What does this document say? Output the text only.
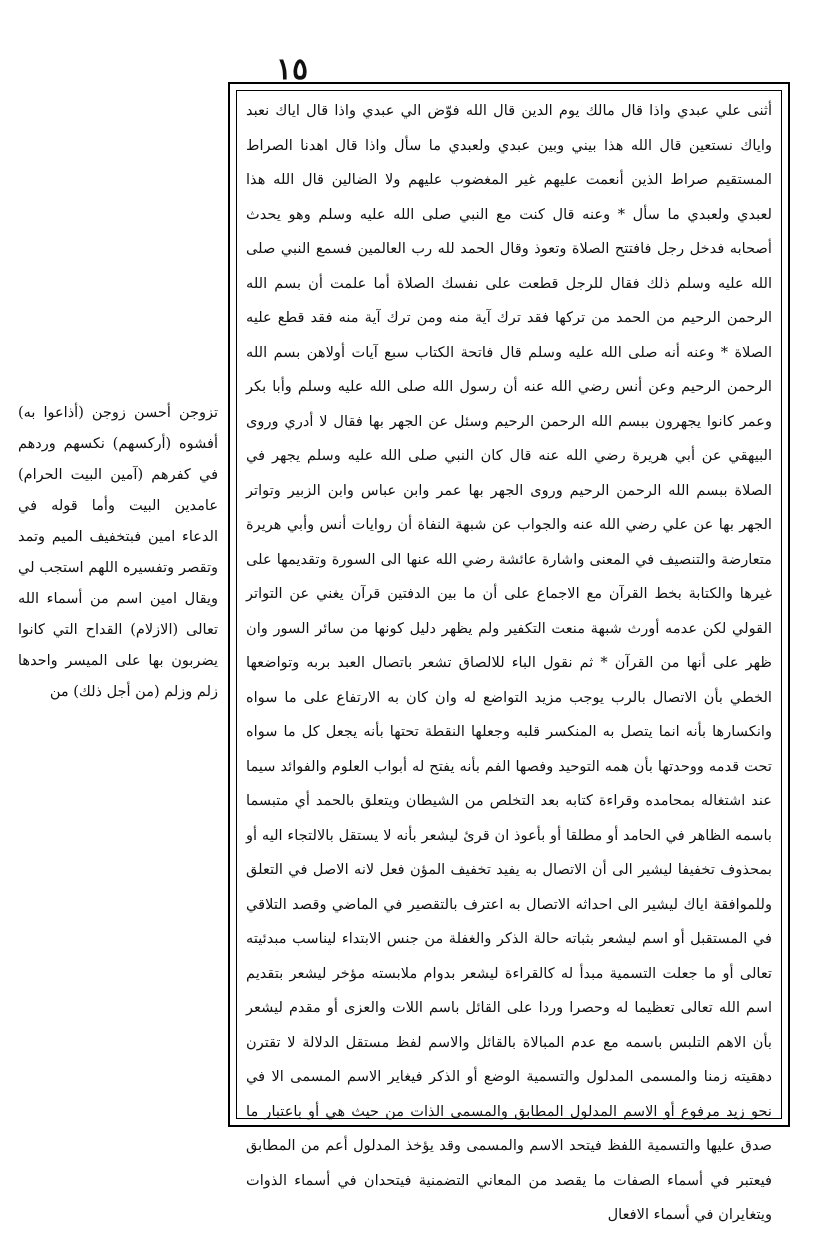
١٥

أثنى علي عبدي واذا قال مالك يوم الدين قال الله فوّض الي عبدي واذا قال اياك نعبد واياك نستعين قال الله هذا بيني وبين عبدي ولعبدي ما سأل واذا قال اهدنا الصراط المستقيم صراط الذين أنعمت عليهم غير المغضوب عليهم ولا الضالين قال الله هذا لعبدي ولعبدي ما سأل * وعنه قال كنت مع النبي صلى الله عليه وسلم وهو يحدث أصحابه فدخل رجل فافتتح الصلاة وتعوذ وقال الحمد لله رب العالمين فسمع النبي صلى الله عليه وسلم ذلك فقال للرجل قطعت على نفسك الصلاة أما علمت أن بسم الله الرحمن الرحيم من الحمد من تركها فقد ترك آية منه ومن ترك آية منه فقد قطع عليه الصلاة * وعنه أنه صلى الله عليه وسلم قال فاتحة الكتاب سبع آيات أولاهن بسم الله الرحمن الرحيم وعن أنس رضي الله عنه أن رسول الله صلى الله عليه وسلم وأبا بكر وعمر كانوا يجهرون ببسم الله الرحمن الرحيم وسئل عن الجهر بها فقال لا أدري وروى البيهقي عن أبي هريرة رضي الله عنه قال كان النبي صلى الله عليه وسلم يجهر في الصلاة ببسم الله الرحمن الرحيم وروى الجهر بها عمر وابن عباس وابن الزبير وتواتر الجهر بها عن علي رضي الله عنه والجواب عن شبهة النفاة أن روايات أنس وأبي هريرة متعارضة والتنصيف في المعنى واشارة عائشة رضي الله عنها الى السورة وتقديمها على غيرها والكتابة بخط القرآن مع الاجماع على أن ما بين الدفتين قرآن يغني عن التواتر القولي لكن عدمه أورث شبهة منعت التكفير ولم يظهر دليل كونها من سائر السور وان ظهر على أنها من القرآن * ثم نقول الباء للالصاق تشعر باتصال العبد بربه وتواضعها الخطي بأن الاتصال بالرب يوجب مزيد التواضع له وان كان به الارتفاع على ما سواه وانكسارها بأنه انما يتصل به المنكسر قلبه وجعلها النقطة تحتها بأنه يجعل كل ما سواه تحت قدمه ووحدتها بأن همه التوحيد وفصها الفم بأنه يفتح له أبواب العلوم والفوائد سيما عند اشتغاله بمحامده وقراءة كتابه بعد التخلص من الشيطان ويتعلق بالحمد أي متبسما باسمه الظاهر في الحامد أو مطلقا أو بأعوذ ان قرئ ليشعر بأنه لا يستقل بالالتجاء اليه أو بمحذوف تخفيفا ليشير الى أن الاتصال به يفيد تخفيف المؤن فعل لانه الاصل في التعلق وللموافقة اياك ليشير الى احداثه الاتصال به اعترف بالتقصير في الماضي وقصد التلاقي في المستقبل أو اسم ليشعر بثباته حالة الذكر والغفلة من جنس الابتداء ليناسب مبدئيته تعالى أو ما جعلت التسمية مبدأ له كالقراءة ليشعر بدوام ملابسته مؤخر ليشعر بتقديم اسم الله تعالى تعظيما له وحصرا وردا على القائل باسم اللات والعزى أو مقدم ليشعر بأن الاهم التلبس باسمه مع عدم المبالاة بالقائل والاسم لفظ مستقل الدلالة لا تقترن دهقيته زمنا والمسمى المدلول والتسمية الوضع أو الذكر فيغاير الاسم المسمى الا في نحو زيد مرفوع أو الاسم المدلول المطابق والمسمى الذات من حيث هي أو باعتبار ما صدق عليها والتسمية اللفظ فيتحد الاسم والمسمى وقد يؤخذ المدلول أعم من المطابق فيعتبر في أسماء الصفات ما يقصد من المعاني التضمنية فيتحدان في أسماء الذوات ويتغايران في أسماء الافعال

تزوجن أحسن زوجن (أذاعوا به) أفشوه (أركسهم) نكسهم وردهم في كفرهم (آمين البيت الحرام) عامدين البيت وأما قوله في الدعاء امين فبتخفيف الميم وتمد وتقصر وتفسيره اللهم استجب لي ويقال امين اسم من أسماء الله تعالى (الازلام) القداح التي كانوا يضربون بها على الميسر واحدها زلم وزلم (من أجل ذلك) من
